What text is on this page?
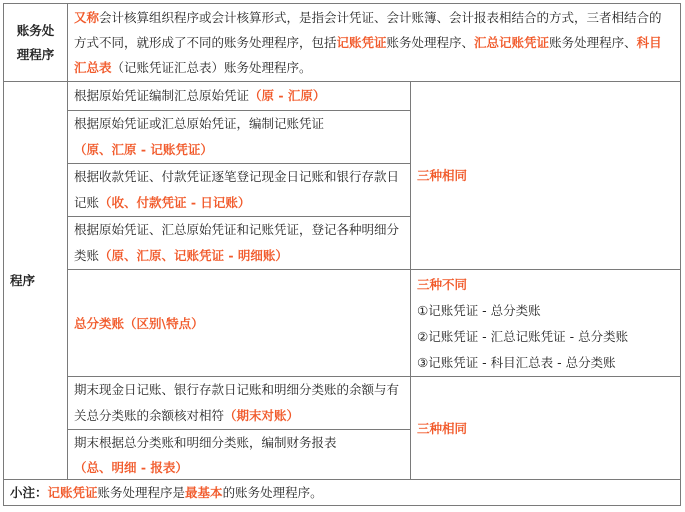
账务处
理程序
又称会计核算组织程序或会计核算形式，是指会计凭证、会计账簿、会计报表相结合的方式，三者相结合的方式不同，就形成了不同的账务处理程序，包括记账凭证账务处理程序、汇总记账凭证账务处理程序、科目汇总表（记账凭证汇总表）账务处理程序。
程序
根据原始凭证编制汇总原始凭证（原 - 汇原）
根据原始凭证或汇总原始凭证，编制记账凭证
（原、汇原 - 记账凭证）
根据收款凭证、付款凭证逐笔登记现金日记账和银行存款日记账（收、付款凭证 - 日记账）
根据原始凭证、汇总原始凭证和记账凭证，登记各种明细分类账（原、汇原、记账凭证 - 明细账）
三种相同
总分类账（区别\特点）
三种不同
①记账凭证 - 总分类账
②记账凭证 - 汇总记账凭证 - 总分类账
③记账凭证 - 科目汇总表 - 总分类账
期末现金日记账、银行存款日记账和明细分类账的余额与有关总分类账的余额核对相符（期末对账）
期末根据总分类账和明细分类账，编制财务报表
（总、明细 - 报表）
三种相同
小注：记账凭证账务处理程序是最基本的账务处理程序。
